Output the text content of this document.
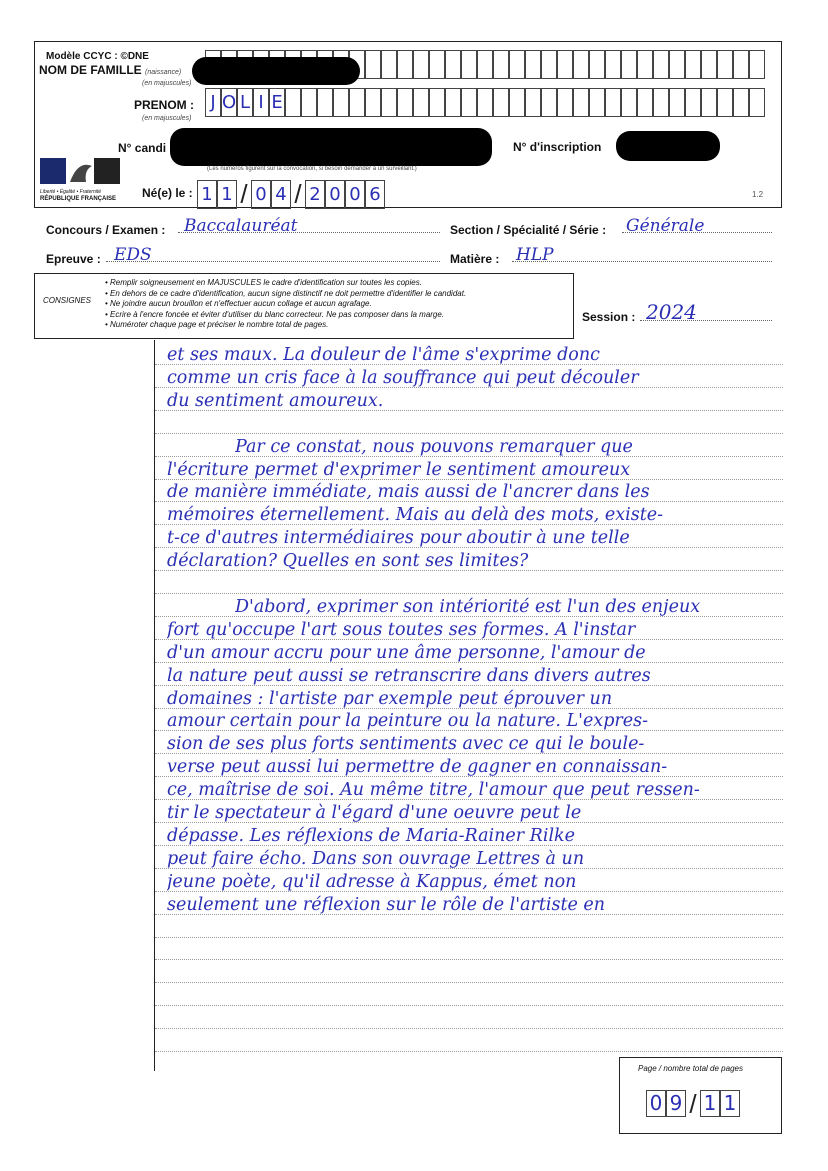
Modèle CCYC : ©DNE
NOM DE FAMILLE (naissance)
(en majuscules)
PRENOM :
(en majuscules)
J O L I E
N° candi	N° d'inscription
(Les numéros figurent sur la convocation, si besoin demander à un surveillant.)
Liberté • Égalité • Fraternité
RÉPUBLIQUE FRANÇAISE Né(e) le : 1 1 / 0 4 / 2 0 0 6	1.2
Concours / Examen :	Baccalauréat	Section / Spécialité / Série : Générale
Epreuve : EDS	Matière : HLP
CONSIGNES
• Remplir soigneusement en MAJUSCULES le cadre d'identification sur toutes les copies.
• En dehors de ce cadre d'identification, aucun signe distinctif ne doit permettre d'identifier le candidat.
• Ne joindre aucun brouillon et n'effectuer aucun collage et aucun agrafage.
• Ecrire à l'encre foncée et éviter d'utiliser du blanc correcteur. Ne pas composer dans la marge.
• Numéroter chaque page et préciser le nombre total de pages.
Session : 2024
et ses maux. La douleur de l'âme s'exprime donc
comme un cris face à la souffrance qui peut découler
du sentiment amoureux.
Par ce constat, nous pouvons remarquer que
l'écriture permet d'exprimer le sentiment amoureux
de manière immédiate, mais aussi de l'ancrer dans les
mémoires éternellement. Mais au delà des mots, existe-
t-ce d'autres intermédiaires pour aboutir à une telle
déclaration? Quelles en sont ses limites?
D'abord, exprimer son intériorité est l'un des enjeux
fort qu'occupe l'art sous toutes ses formes. A l'instar
d'un amour accru pour une âme personne, l'amour de
la nature peut aussi se retranscrire dans divers autres
domaines : l'artiste par exemple peut éprouver un
amour certain pour la peinture ou la nature. L'expres-
sion de ses plus forts sentiments avec ce qui le boule-
verse peut aussi lui permettre de gagner en connaissan-
ce, maîtrise de soi. Au même titre, l'amour que peut ressen-
tir le spectateur à l'égard d'une oeuvre peut le
dépasse. Les réflexions de Maria-Rainer Rilke
peut faire écho. Dans son ouvrage Lettres à un
jeune poète, qu'il adresse à Kappus, émet non
seulement une réflexion sur le rôle de l'artiste en
Page / nombre total de pages
0 9 / 1 1
